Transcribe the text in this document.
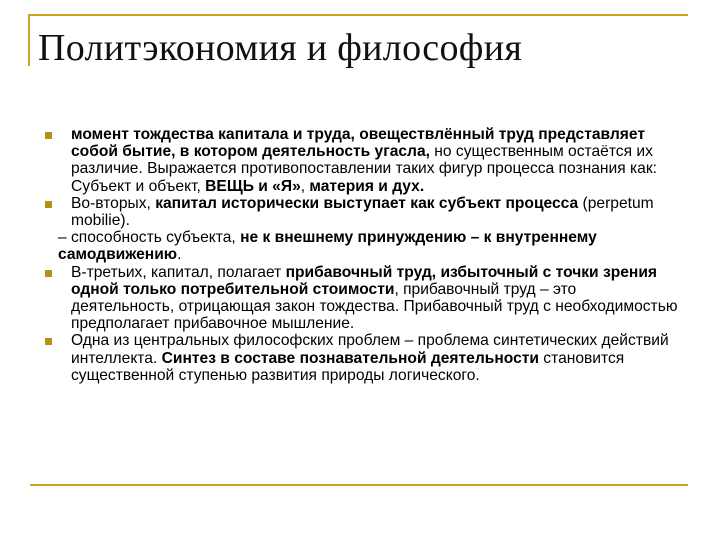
Политэкономия и философия
момент тождества капитала и труда, овеществлённый труд представляет собой бытие, в котором деятельность угасла, но существенным остаётся их различие. Выражается противопоставлении таких фигур процесса познания как: Субъект и объект, ВЕЩЬ и «Я», материя и дух.
Во-вторых, капитал исторически выступает как субъект процесса (perpetum mobilie).
– способность субъекта, не к внешнему принуждению – к внутреннему самодвижению.
В-третьих, капитал, полагает прибавочный труд, избыточный с точки зрения одной только потребительной стоимости, прибавочный труд – это деятельность, отрицающая закон тождества. Прибавочный труд с необходимостью предполагает прибавочное мышление.
Одна из центральных философских проблем – проблема синтетических действий интеллекта. Синтез в составе познавательной деятельности становится существенной ступенью развития природы логического.
